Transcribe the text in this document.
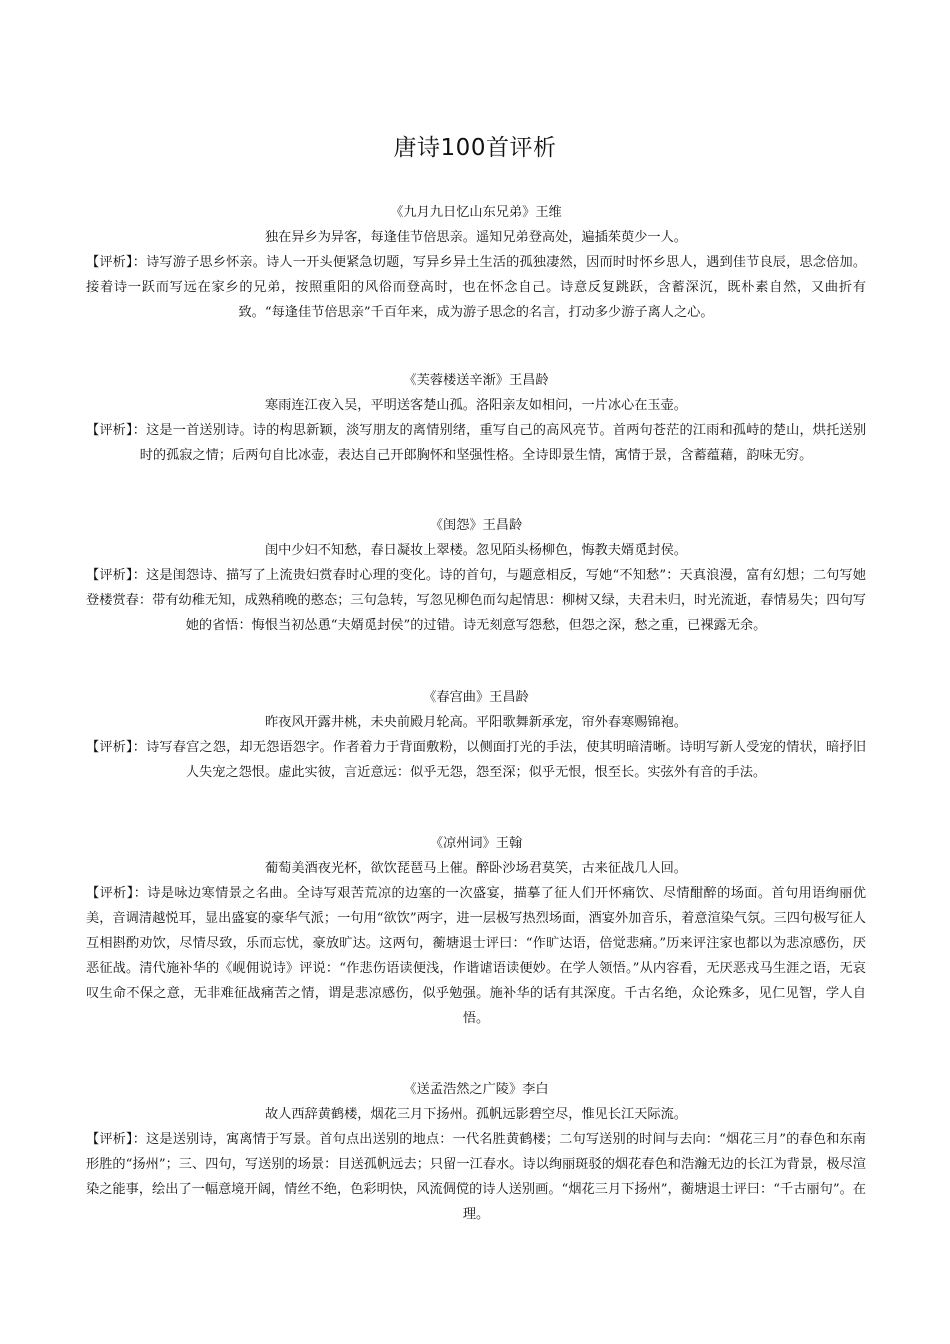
唐诗100首评析
《九月九日忆山东兄弟》王维
独在异乡为异客，每逢佳节倍思亲。遥知兄弟登高处，遍插茱萸少一人。
【评析】：诗写游子思乡怀亲。诗人一开头便紧急切题，写异乡异土生活的孤独凄然，因而时时怀乡思人，遇到佳节良辰，思念倍加。接着诗一跃而写远在家乡的兄弟，按照重阳的风俗而登高时，也在怀念自己。诗意反复跳跃，含蓄深沉，既朴素自然，又曲折有致。“每逢佳节倍思亲”千百年来，成为游子思念的名言，打动多少游子离人之心。
《芙蓉楼送辛渐》王昌龄
寒雨连江夜入吴，平明送客楚山孤。洛阳亲友如相问，一片冰心在玉壶。
【评析】：这是一首送别诗。诗的构思新颖，淡写朋友的离情别绪，重写自己的高风亮节。首两句苍茫的江雨和孤峙的楚山，烘托送别时的孤寂之情；后两句自比冰壶，表达自己开郎胸怀和坚强性格。全诗即景生情，寓情于景，含蓄蕴藉，韵味无穷。
《闺怨》王昌龄
闺中少妇不知愁，春日凝妆上翠楼。忽见陌头杨柳色，悔教夫婿觅封侯。
【评析】：这是闺怨诗、描写了上流贵妇赏春时心理的变化。诗的首句，与题意相反，写她“不知愁”：天真浪漫，富有幻想；二句写她登楼赏春：带有幼稚无知，成熟稍晚的憨态；三句急转，写忽见柳色而勾起情思：柳树又绿，夫君未归，时光流逝，春情易失；四句写她的省悟：悔恨当初怂恿“夫婿觅封侯”的过错。诗无刻意写怨愁，但怨之深，愁之重，已裸露无余。
《春宫曲》王昌龄
昨夜风开露井桃，未央前殿月轮高。平阳歌舞新承宠，帘外春寒赐锦袍。
【评析】：诗写春宫之怨，却无怨语怨字。作者着力于背面敷粉，以侧面打光的手法，使其明暗清晰。诗明写新人受宠的情状，暗抒旧人失宠之怨恨。虚此实彼，言近意远：似乎无怨，怨至深；似乎无恨，恨至长。实弦外有音的手法。
《凉州词》王翰
葡萄美酒夜光杯，欲饮琵琶马上催。醉卧沙场君莫笑，古来征战几人回。
【评析】：诗是咏边寒情景之名曲。全诗写艰苦荒凉的边塞的一次盛宴，描摹了征人们开怀痛饮、尽情酣醉的场面。首句用语绚丽优美，音调清越悦耳，显出盛宴的豪华气派；一句用“欲饮”两字，进一层极写热烈场面，酒宴外加音乐，着意渲染气氛。三四句极写征人互相斟酌劝饮，尽情尽致，乐而忘忧，豪放旷达。这两句，蘅塘退士评曰：“作旷达语，倍觉悲痛。”历来评注家也都以为悲凉感伤，厌恶征战。清代施补华的《岘佣说诗》评说：“作悲伤语读便浅，作谐谑语读便妙。在学人领悟。”从内容看，无厌恶戎马生涯之语，无哀叹生命不保之意，无非难征战痛苦之情，谓是悲凉感伤，似乎勉强。施补华的话有其深度。千古名绝，众论殊多，见仁见智，学人自悟。
《送孟浩然之广陵》李白
故人西辞黄鹤楼，烟花三月下扬州。孤帆远影碧空尽，惟见长江天际流。
【评析】：这是送别诗，寓离情于写景。首句点出送别的地点：一代名胜黄鹤楼；二句写送别的时间与去向：“烟花三月”的春色和东南形胜的“扬州”；三、四句，写送别的场景：目送孤帆远去；只留一江春水。诗以绚丽斑驳的烟花春色和浩瀚无边的长江为背景，极尽渲染之能事，绘出了一幅意境开阔，情丝不绝，色彩明快，风流倜傥的诗人送别画。“烟花三月下扬州”，蘅塘退士评曰：“千古丽句”。在理。
